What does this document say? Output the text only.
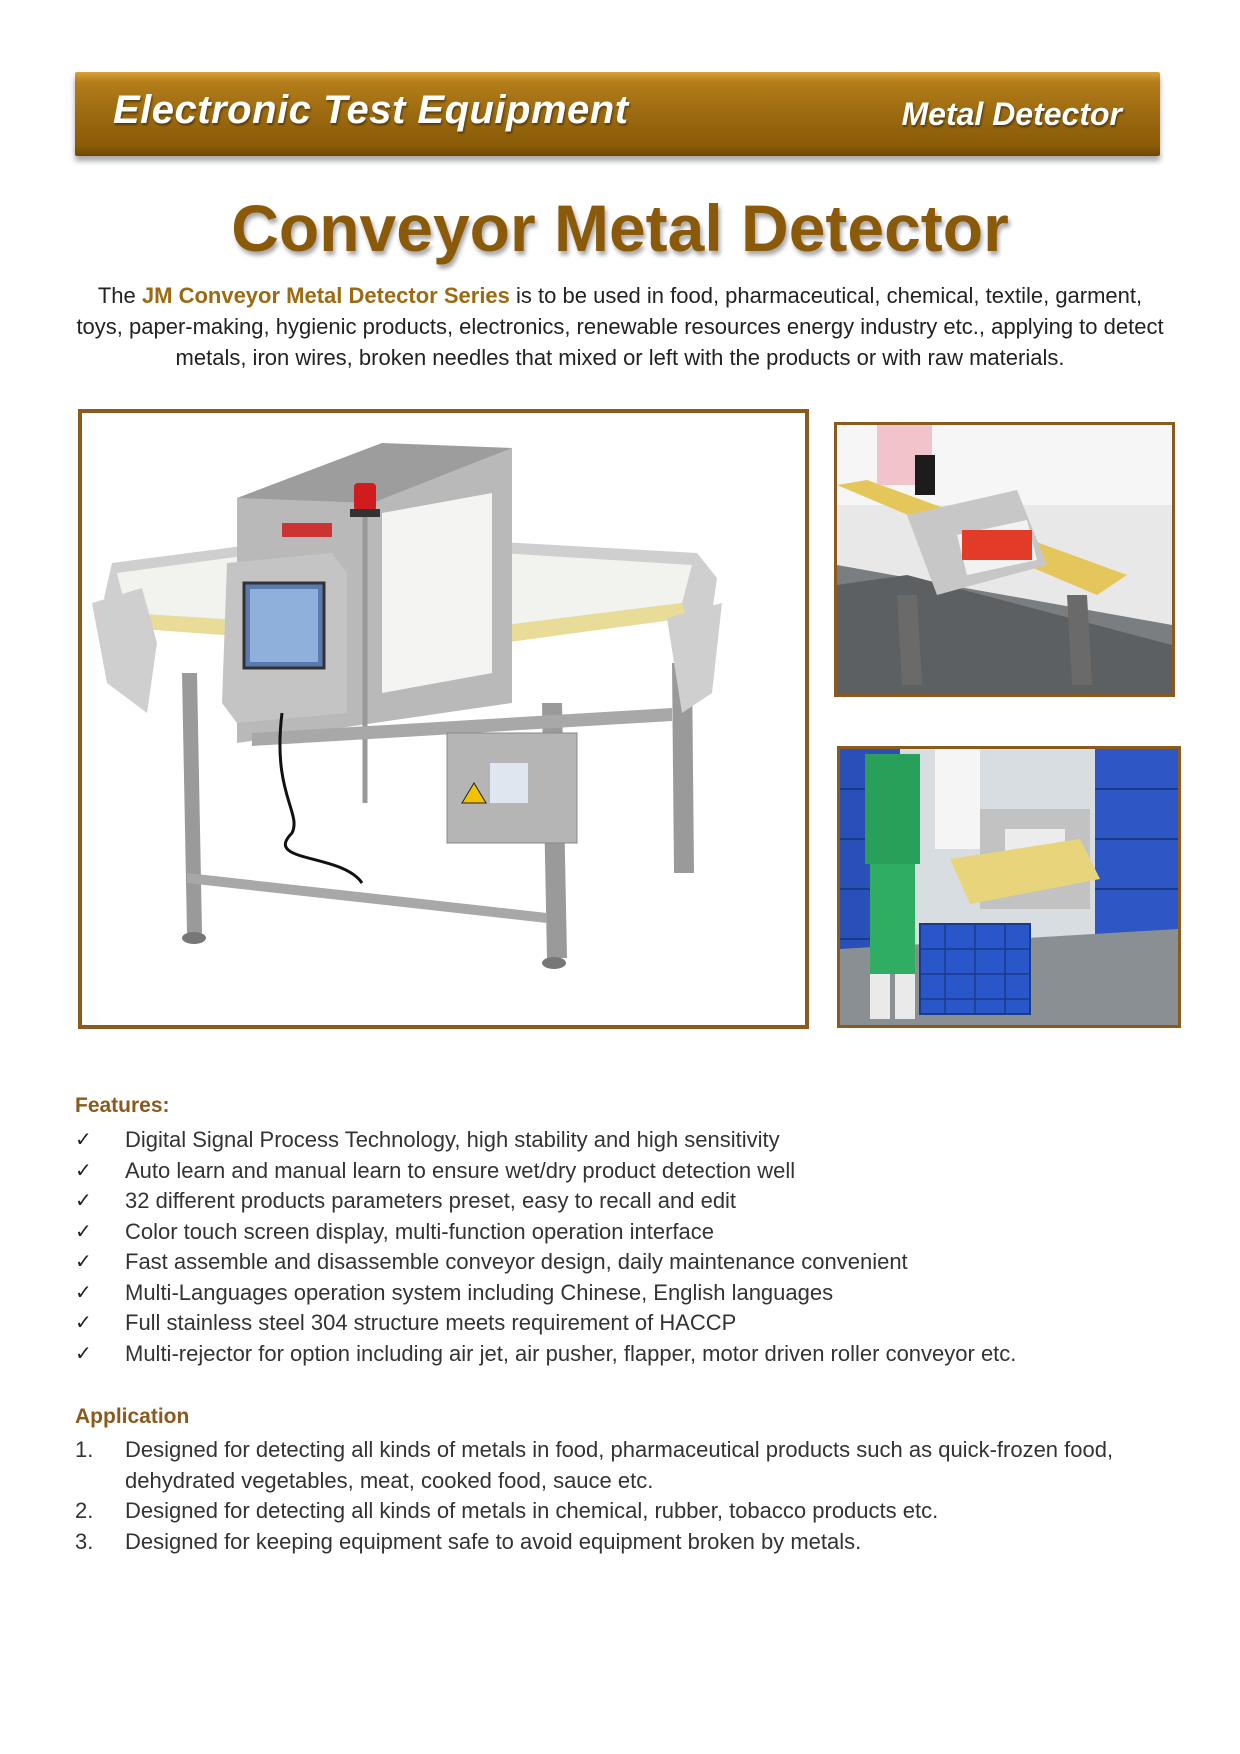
Electronic Test Equipment	Metal Detector
Conveyor Metal Detector
The JM Conveyor Metal Detector Series is to be used in food, pharmaceutical, chemical, textile, garment, toys, paper-making, hygienic products, electronics, renewable resources energy industry etc., applying to detect metals, iron wires, broken needles that mixed or left with the products or with raw materials.
Features:
✓ Digital Signal Process Technology, high stability and high sensitivity
✓ Auto learn and manual learn to ensure wet/dry product detection well
✓ 32 different products parameters preset, easy to recall and edit
✓ Color touch screen display, multi-function operation interface
✓ Fast assemble and disassemble conveyor design, daily maintenance convenient
✓ Multi-Languages operation system including Chinese, English languages
✓ Full stainless steel 304 structure meets requirement of HACCP
✓ Multi-rejector for option including air jet, air pusher, flapper, motor driven roller conveyor etc.
Application
1. Designed for detecting all kinds of metals in food, pharmaceutical products such as quick-frozen food, dehydrated vegetables, meat, cooked food, sauce etc.
2. Designed for detecting all kinds of metals in chemical, rubber, tobacco products etc.
3. Designed for keeping equipment safe to avoid equipment broken by metals.
